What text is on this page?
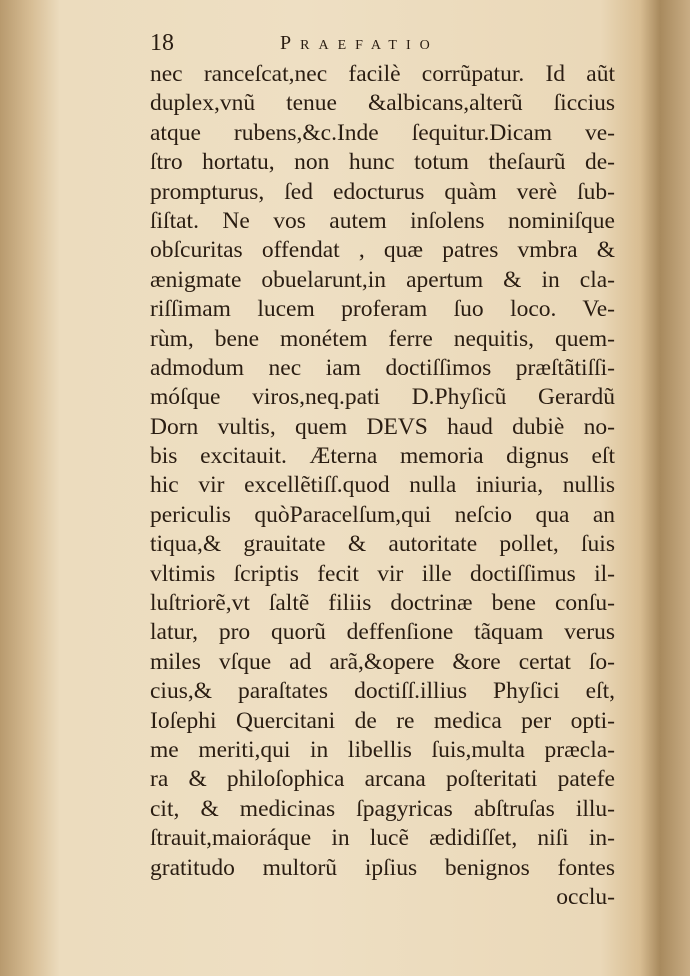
18	Praefatio
nec ranceſcat,nec facilè corrũpatur. Id aũt
duplex,vnũ tenue &albicans,alterũ ſiccius
atque rubens,&c.Inde ſequitur.Dicam ve-
ſtro hortatu, non hunc totum theſaurũ de-
prompturus, ſed edocturus quàm verè ſub-
ſiſtat. Ne vos autem inſolens nominiſque
obſcuritas offendat , quæ patres vmbra &
ænigmate obuelarunt,in apertum & in cla-
riſſimam lucem proferam ſuo loco. Ve-
rùm, bene monétem ferre nequitis, quem-
admodum nec iam doctiſſimos præſtãtiſſi-
móſque viros,neq.pati D.Phyſicũ Gerardũ
Dorn vultis, quem DEVS haud dubiè no-
bis excitauit. Æterna memoria dignus eſt
hic vir excellẽtiſſ.quod nulla iniuria, nullis
periculis quòParacelſum,qui neſcio qua an
tiqua,& grauitate & autoritate pollet, ſuis
vltimis ſcriptis fecit vir ille doctiſſimus il-
luſtriorẽ,vt ſaltẽ filiis doctrinæ bene conſu-
latur, pro quorũ deffenſione tãquam verus
miles vſque ad arã,&opere &ore certat ſo-
cius,& paraſtates doctiſſ.illius Phyſici eſt,
Ioſephi Quercitani de re medica per opti-
me meriti,qui in libellis ſuis,multa præcla-
ra & philoſophica arcana poſteritati patefe
cit, & medicinas ſpagyricas abſtruſas illu-
ſtrauit,maioráque in lucẽ ædidiſſet, niſi in-
gratitudo multorũ ipſius benignos fontes
occlu-
